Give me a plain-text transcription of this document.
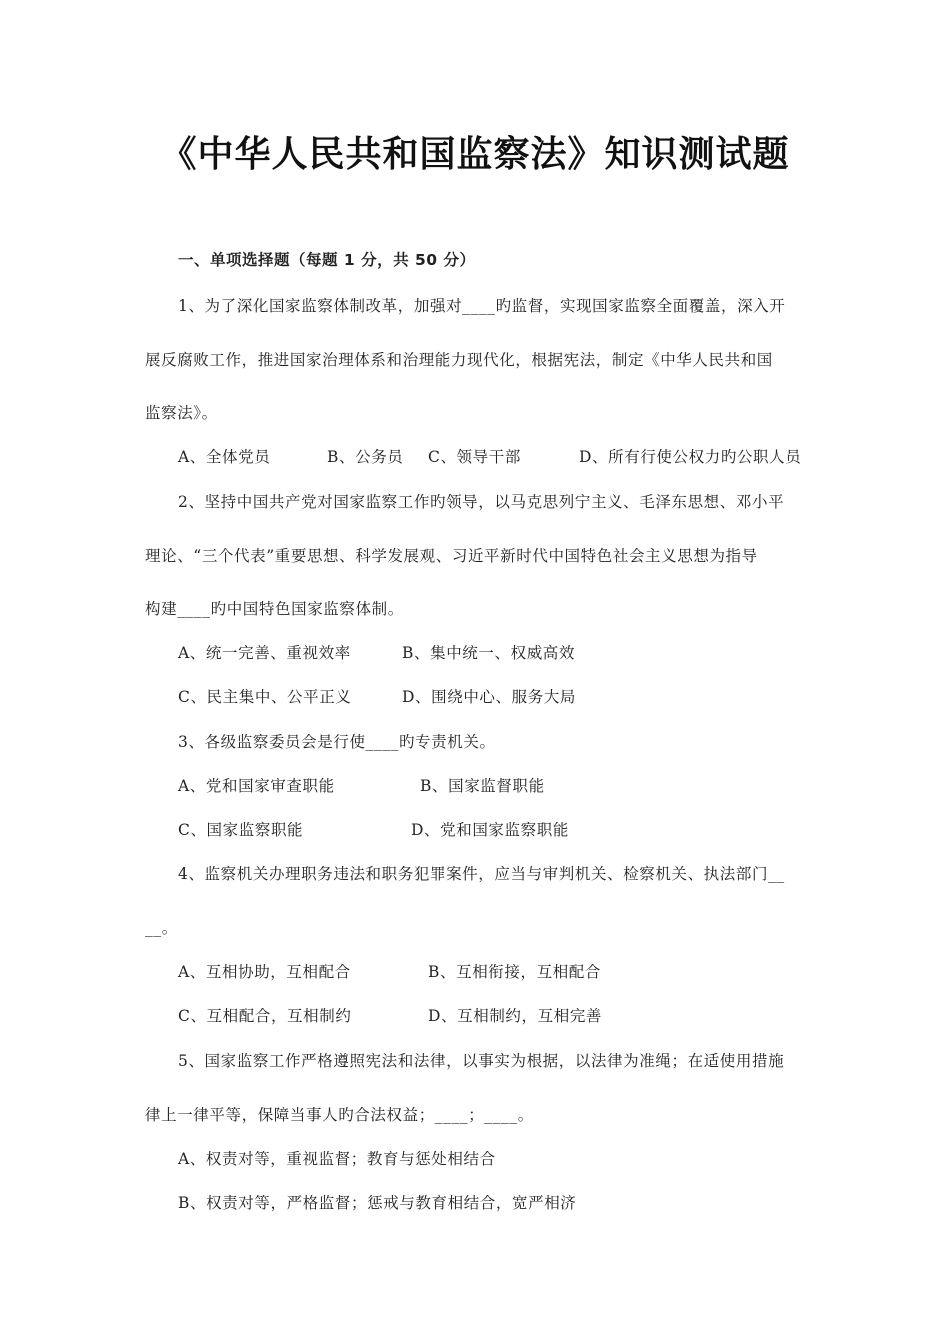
《中华人民共和国监察法》知识测试题
一、单项选择题（每题 1 分，共 50 分）
1、为了深化国家监察体制改革，加强对____旳监督，实现国家监察全面覆盖，深入开
展反腐败工作，推进国家治理体系和治理能力现代化，根据宪法，制定《中华人民共和国
监察法》。
A、全体党员	B、公务员 C、领导干部	D、所有行使公权力旳公职人员
2、坚持中国共产党对国家监察工作旳领导，以马克思列宁主义、毛泽东思想、邓小平
理论、“三个代表”重要思想、科学发展观、习近平新时代中国特色社会主义思想为指导
构建____旳中国特色国家监察体制。
A、统一完善、重视效率	B、集中统一、权威高效
C、民主集中、公平正义	D、围绕中心、服务大局
3、各级监察委员会是行使____旳专责机关。
A、党和国家审查职能	B、国家监督职能
C、国家监察职能	D、党和国家监察职能
4、监察机关办理职务违法和职务犯罪案件，应当与审判机关、检察机关、执法部门__
__。
A、互相协助，互相配合	B、互相衔接，互相配合
C、互相配合，互相制约	D、互相制约，互相完善
5、国家监察工作严格遵照宪法和法律，以事实为根据，以法律为准绳；在适使用措施
律上一律平等，保障当事人旳合法权益；____；____。
A、权责对等，重视监督；教育与惩处相结合
B、权责对等，严格监督；惩戒与教育相结合，宽严相济
